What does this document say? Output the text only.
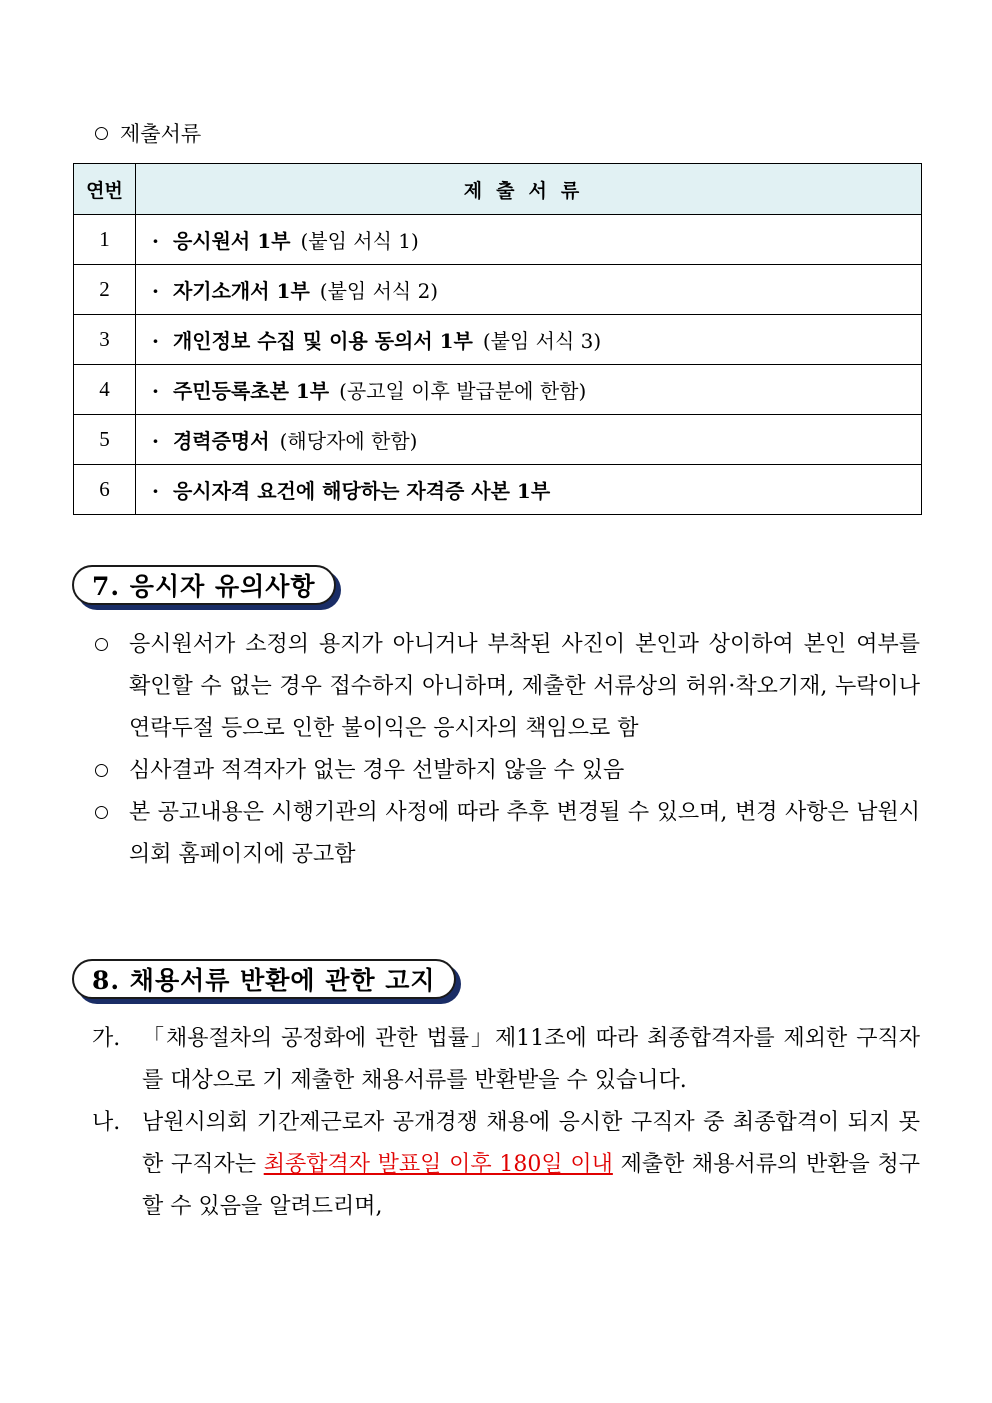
제출서류
연번	제출서류
1	· 응시원서 1부 (붙임 서식 1)
2	· 자기소개서 1부 (붙임 서식 2)
3	· 개인정보 수집 및 이용 동의서 1부 (붙임 서식 3)
4	· 주민등록초본 1부 (공고일 이후 발급분에 한함)
5	· 경력증명서 (해당자에 한함)
6	· 응시자격 요건에 해당하는 자격증 사본 1부
7. 응시자 유의사항
응시원서가 소정의 용지가 아니거나 부착된 사진이 본인과 상이하여 본인 여부를 확인할 수 없는 경우 접수하지 아니하며, 제출한 서류상의 허위·착오기재, 누락이나 연락두절 등으로 인한 불이익은 응시자의 책임으로 함
심사결과 적격자가 없는 경우 선발하지 않을 수 있음
본 공고내용은 시행기관의 사정에 따라 추후 변경될 수 있으며, 변경 사항은 남원시의회 홈페이지에 공고함
8. 채용서류 반환에 관한 고지
가. 「채용절차의 공정화에 관한 법률」제11조에 따라 최종합격자를 제외한 구직자를 대상으로 기 제출한 채용서류를 반환받을 수 있습니다.
나. 남원시의회 기간제근로자 공개경쟁 채용에 응시한 구직자 중 최종합격이 되지 못한 구직자는 최종합격자 발표일 이후 180일 이내 제출한 채용서류의 반환을 청구할 수 있음을 알려드리며,
